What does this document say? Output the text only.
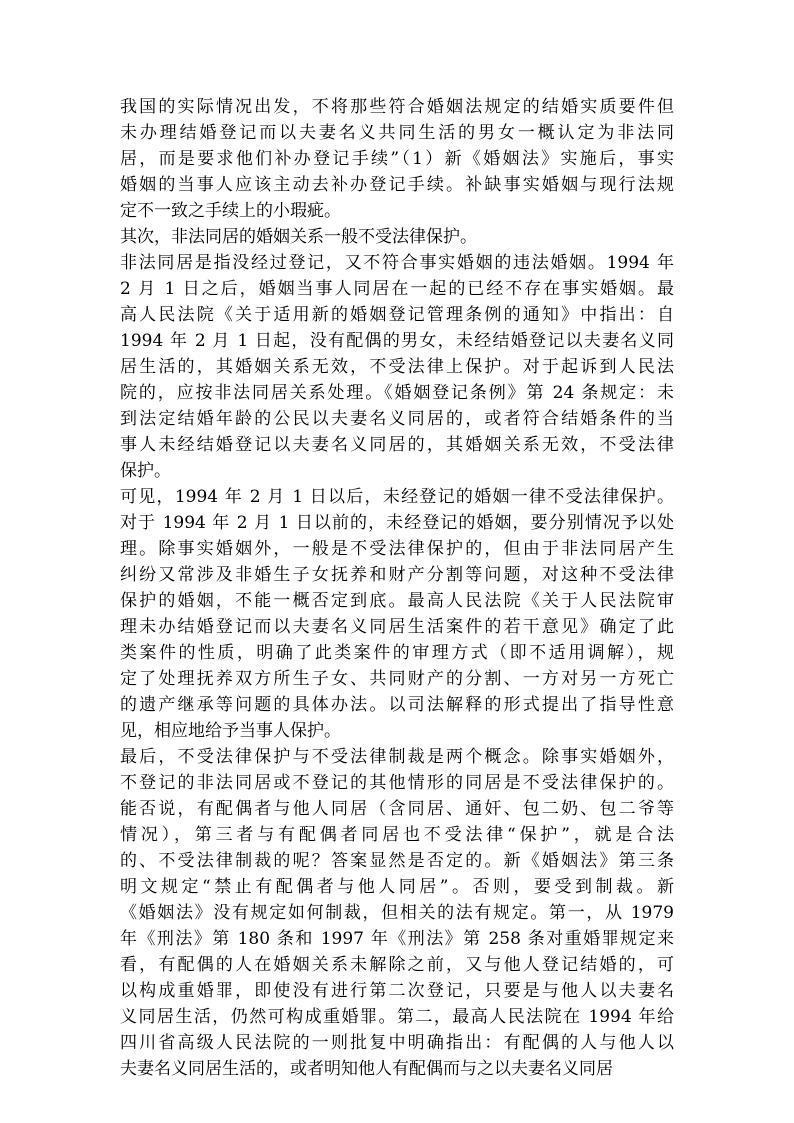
我国的实际情况出发，不将那些符合婚姻法规定的结婚实质要件但
未办理结婚登记而以夫妻名义共同生活的男女一概认定为非法同
居，而是要求他们补办登记手续”（1）新《婚姻法》实施后，事实
婚姻的当事人应该主动去补办登记手续。补缺事实婚姻与现行法规
定不一致之手续上的小瑕疵。
其次，非法同居的婚姻关系一般不受法律保护。
非法同居是指没经过登记，又不符合事实婚姻的违法婚姻。1994 年
2 月 1 日之后，婚姻当事人同居在一起的已经不存在事实婚姻。最
高人民法院《关于适用新的婚姻登记管理条例的通知》中指出：自
1994 年 2 月 1 日起，没有配偶的男女，未经结婚登记以夫妻名义同
居生活的，其婚姻关系无效，不受法律上保护。对于起诉到人民法
院的，应按非法同居关系处理。《婚姻登记条例》第 24 条规定：未
到法定结婚年龄的公民以夫妻名义同居的，或者符合结婚条件的当
事人未经结婚登记以夫妻名义同居的，其婚姻关系无效，不受法律
保护。
可见，1994 年 2 月 1 日以后，未经登记的婚姻一律不受法律保护。
对于 1994 年 2 月 1 日以前的，未经登记的婚姻，要分别情况予以处
理。除事实婚姻外，一般是不受法律保护的，但由于非法同居产生
纠纷又常涉及非婚生子女抚养和财产分割等问题，对这种不受法律
保护的婚姻，不能一概否定到底。最高人民法院《关于人民法院审
理未办结婚登记而以夫妻名义同居生活案件的若干意见》确定了此
类案件的性质，明确了此类案件的审理方式（即不适用调解），规
定了处理抚养双方所生子女、共同财产的分割、一方对另一方死亡
的遗产继承等问题的具体办法。以司法解释的形式提出了指导性意
见，相应地给予当事人保护。
最后，不受法律保护与不受法律制裁是两个概念。除事实婚姻外，
不登记的非法同居或不登记的其他情形的同居是不受法律保护的。
能否说，有配偶者与他人同居（含同居、通奸、包二奶、包二爷等
情况），第三者与有配偶者同居也不受法律“保护”，就是合法
的、不受法律制裁的呢？答案显然是否定的。新《婚姻法》第三条
明文规定“禁止有配偶者与他人同居”。否则，要受到制裁。新
《婚姻法》没有规定如何制裁，但相关的法有规定。第一，从 1979
年《刑法》第 180 条和 1997 年《刑法》第 258 条对重婚罪规定来
看，有配偶的人在婚姻关系未解除之前，又与他人登记结婚的，可
以构成重婚罪，即使没有进行第二次登记，只要是与他人以夫妻名
义同居生活，仍然可构成重婚罪。第二，最高人民法院在 1994 年给
四川省高级人民法院的一则批复中明确指出：有配偶的人与他人以
夫妻名义同居生活的，或者明知他人有配偶而与之以夫妻名义同居
